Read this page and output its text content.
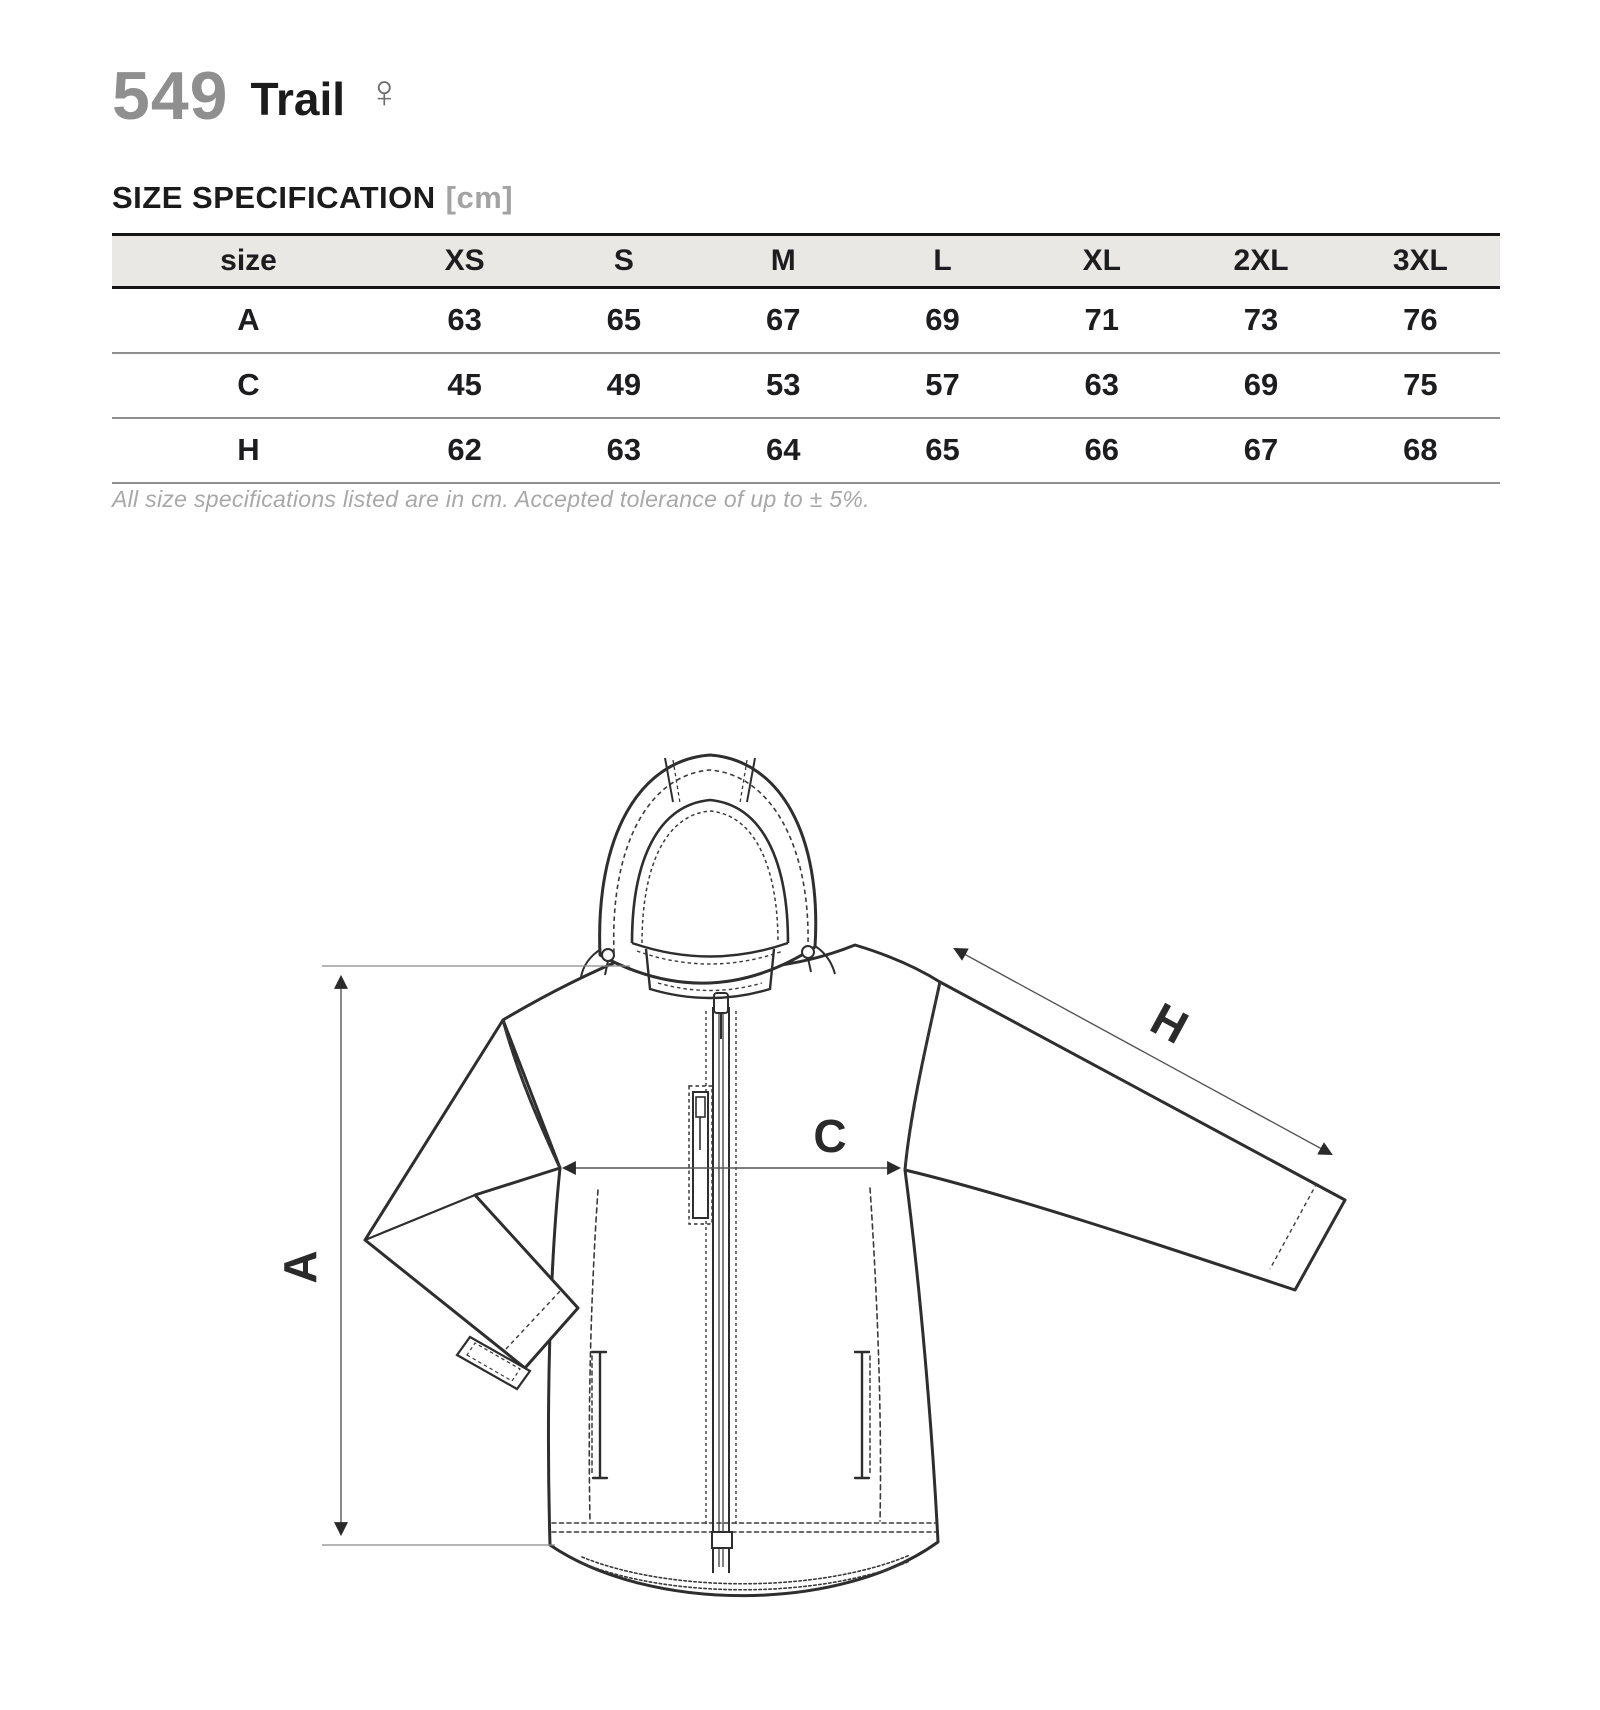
549 Trail ♀
SIZE SPECIFICATION [cm]
size	XS	S	M	L	XL	2XL	3XL
A	63	65	67	69	71	73	76
C	45	49	53	57	63	69	75
H	62	63	64	65	66	67	68
All size specifications listed are in cm. Accepted tolerance of up to ± 5%.
A
C
H
